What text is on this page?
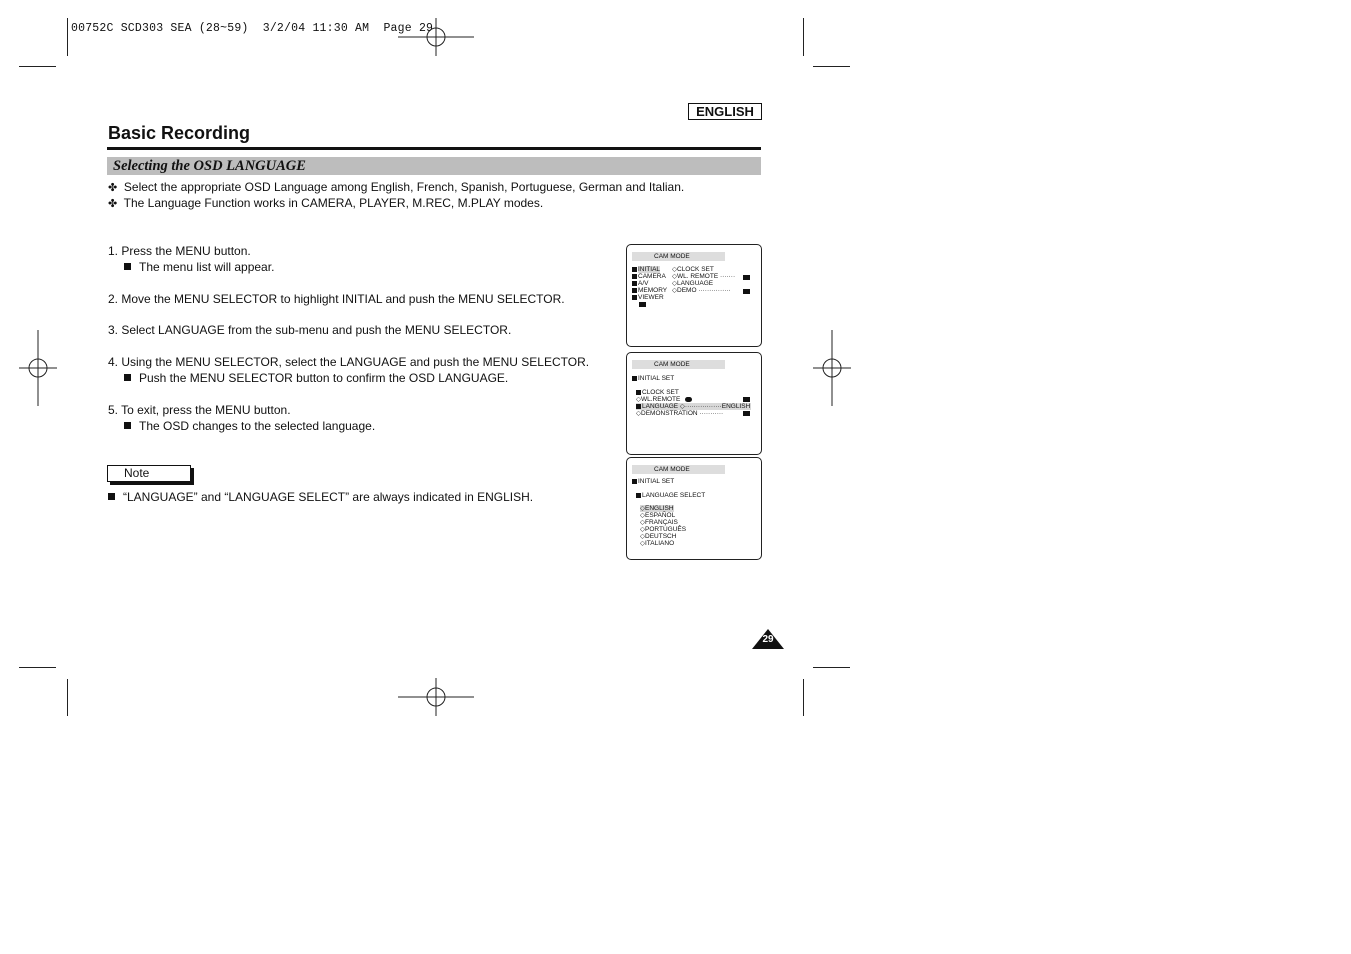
00752C SCD303 SEA (28~59)  3/2/04 11:30 AM  Page 29
ENGLISH
Basic Recording
Selecting the OSD LANGUAGE
✤ Select the appropriate OSD Language among English, French, Spanish, Portuguese, German and Italian.
✤ The Language Function works in CAMERA, PLAYER, M.REC, M.PLAY modes.
1. Press the MENU button.
The menu list will appear.
2. Move the MENU SELECTOR to highlight INITIAL and push the MENU SELECTOR.
3. Select LANGUAGE from the sub-menu and push the MENU SELECTOR.
4. Using the MENU SELECTOR, select the LANGUAGE and push the MENU SELECTOR.
Push the MENU SELECTOR button to confirm the OSD LANGUAGE.
5. To exit, press the MENU button.
The OSD changes to the selected language.
Note
“LANGUAGE” and “LANGUAGE SELECT” are always indicated in ENGLISH.
CAM MODE
INITIAL
CAMERA
A/V
MEMORY
VIEWER
◇CLOCK SET
◇WL. REMOTE ·······
◇LANGUAGE
◇DEMO ···············
CAM MODE
INITIAL SET
CLOCK SET
◇WL.REMOTE
LANGUAGE ◇·················ENGLISH
◇DEMONSTRATION ···········
CAM MODE
INITIAL SET
LANGUAGE SELECT
◇ENGLISH
◇ESPAÑOL
◇FRANÇAIS
◇PORTUGUÊS
◇DEUTSCH
◇ITALIANO
29
